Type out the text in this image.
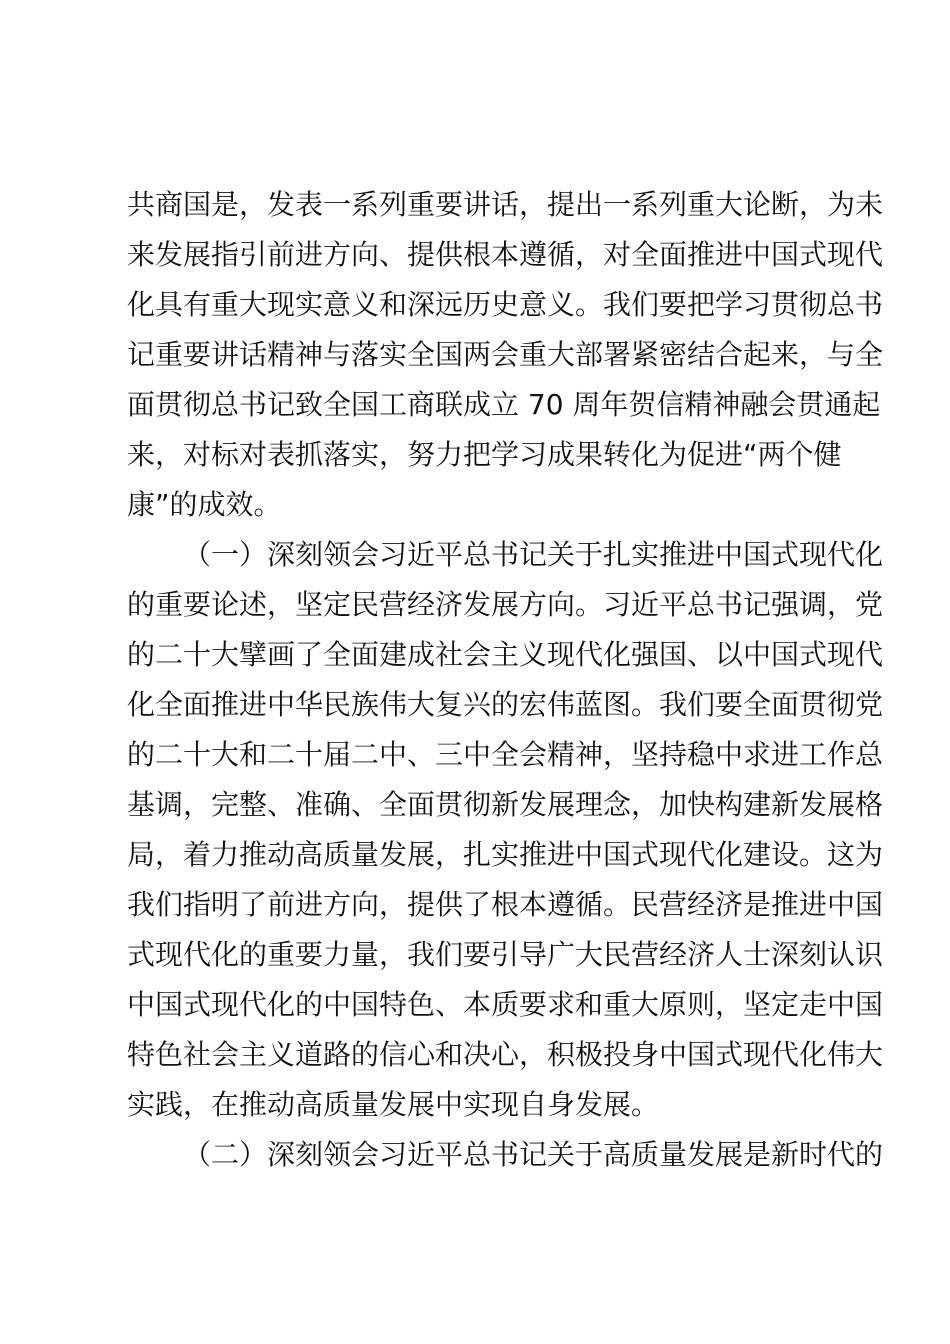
共商国是，发表一系列重要讲话，提出一系列重大论断，为未
来发展指引前进方向、提供根本遵循，对全面推进中国式现代
化具有重大现实意义和深远历史意义。我们要把学习贯彻总书
记重要讲话精神与落实全国两会重大部署紧密结合起来，与全
面贯彻总书记致全国工商联成立 70 周年贺信精神融会贯通起
来，对标对表抓落实，努力把学习成果转化为促进“两个健
康”的成效。
（一）深刻领会习近平总书记关于扎实推进中国式现代化
的重要论述，坚定民营经济发展方向。习近平总书记强调，党
的二十大擘画了全面建成社会主义现代化强国、以中国式现代
化全面推进中华民族伟大复兴的宏伟蓝图。我们要全面贯彻党
的二十大和二十届二中、三中全会精神，坚持稳中求进工作总
基调，完整、准确、全面贯彻新发展理念，加快构建新发展格
局，着力推动高质量发展，扎实推进中国式现代化建设。这为
我们指明了前进方向，提供了根本遵循。民营经济是推进中国
式现代化的重要力量，我们要引导广大民营经济人士深刻认识
中国式现代化的中国特色、本质要求和重大原则，坚定走中国
特色社会主义道路的信心和决心，积极投身中国式现代化伟大
实践，在推动高质量发展中实现自身发展。
（二）深刻领会习近平总书记关于高质量发展是新时代的
